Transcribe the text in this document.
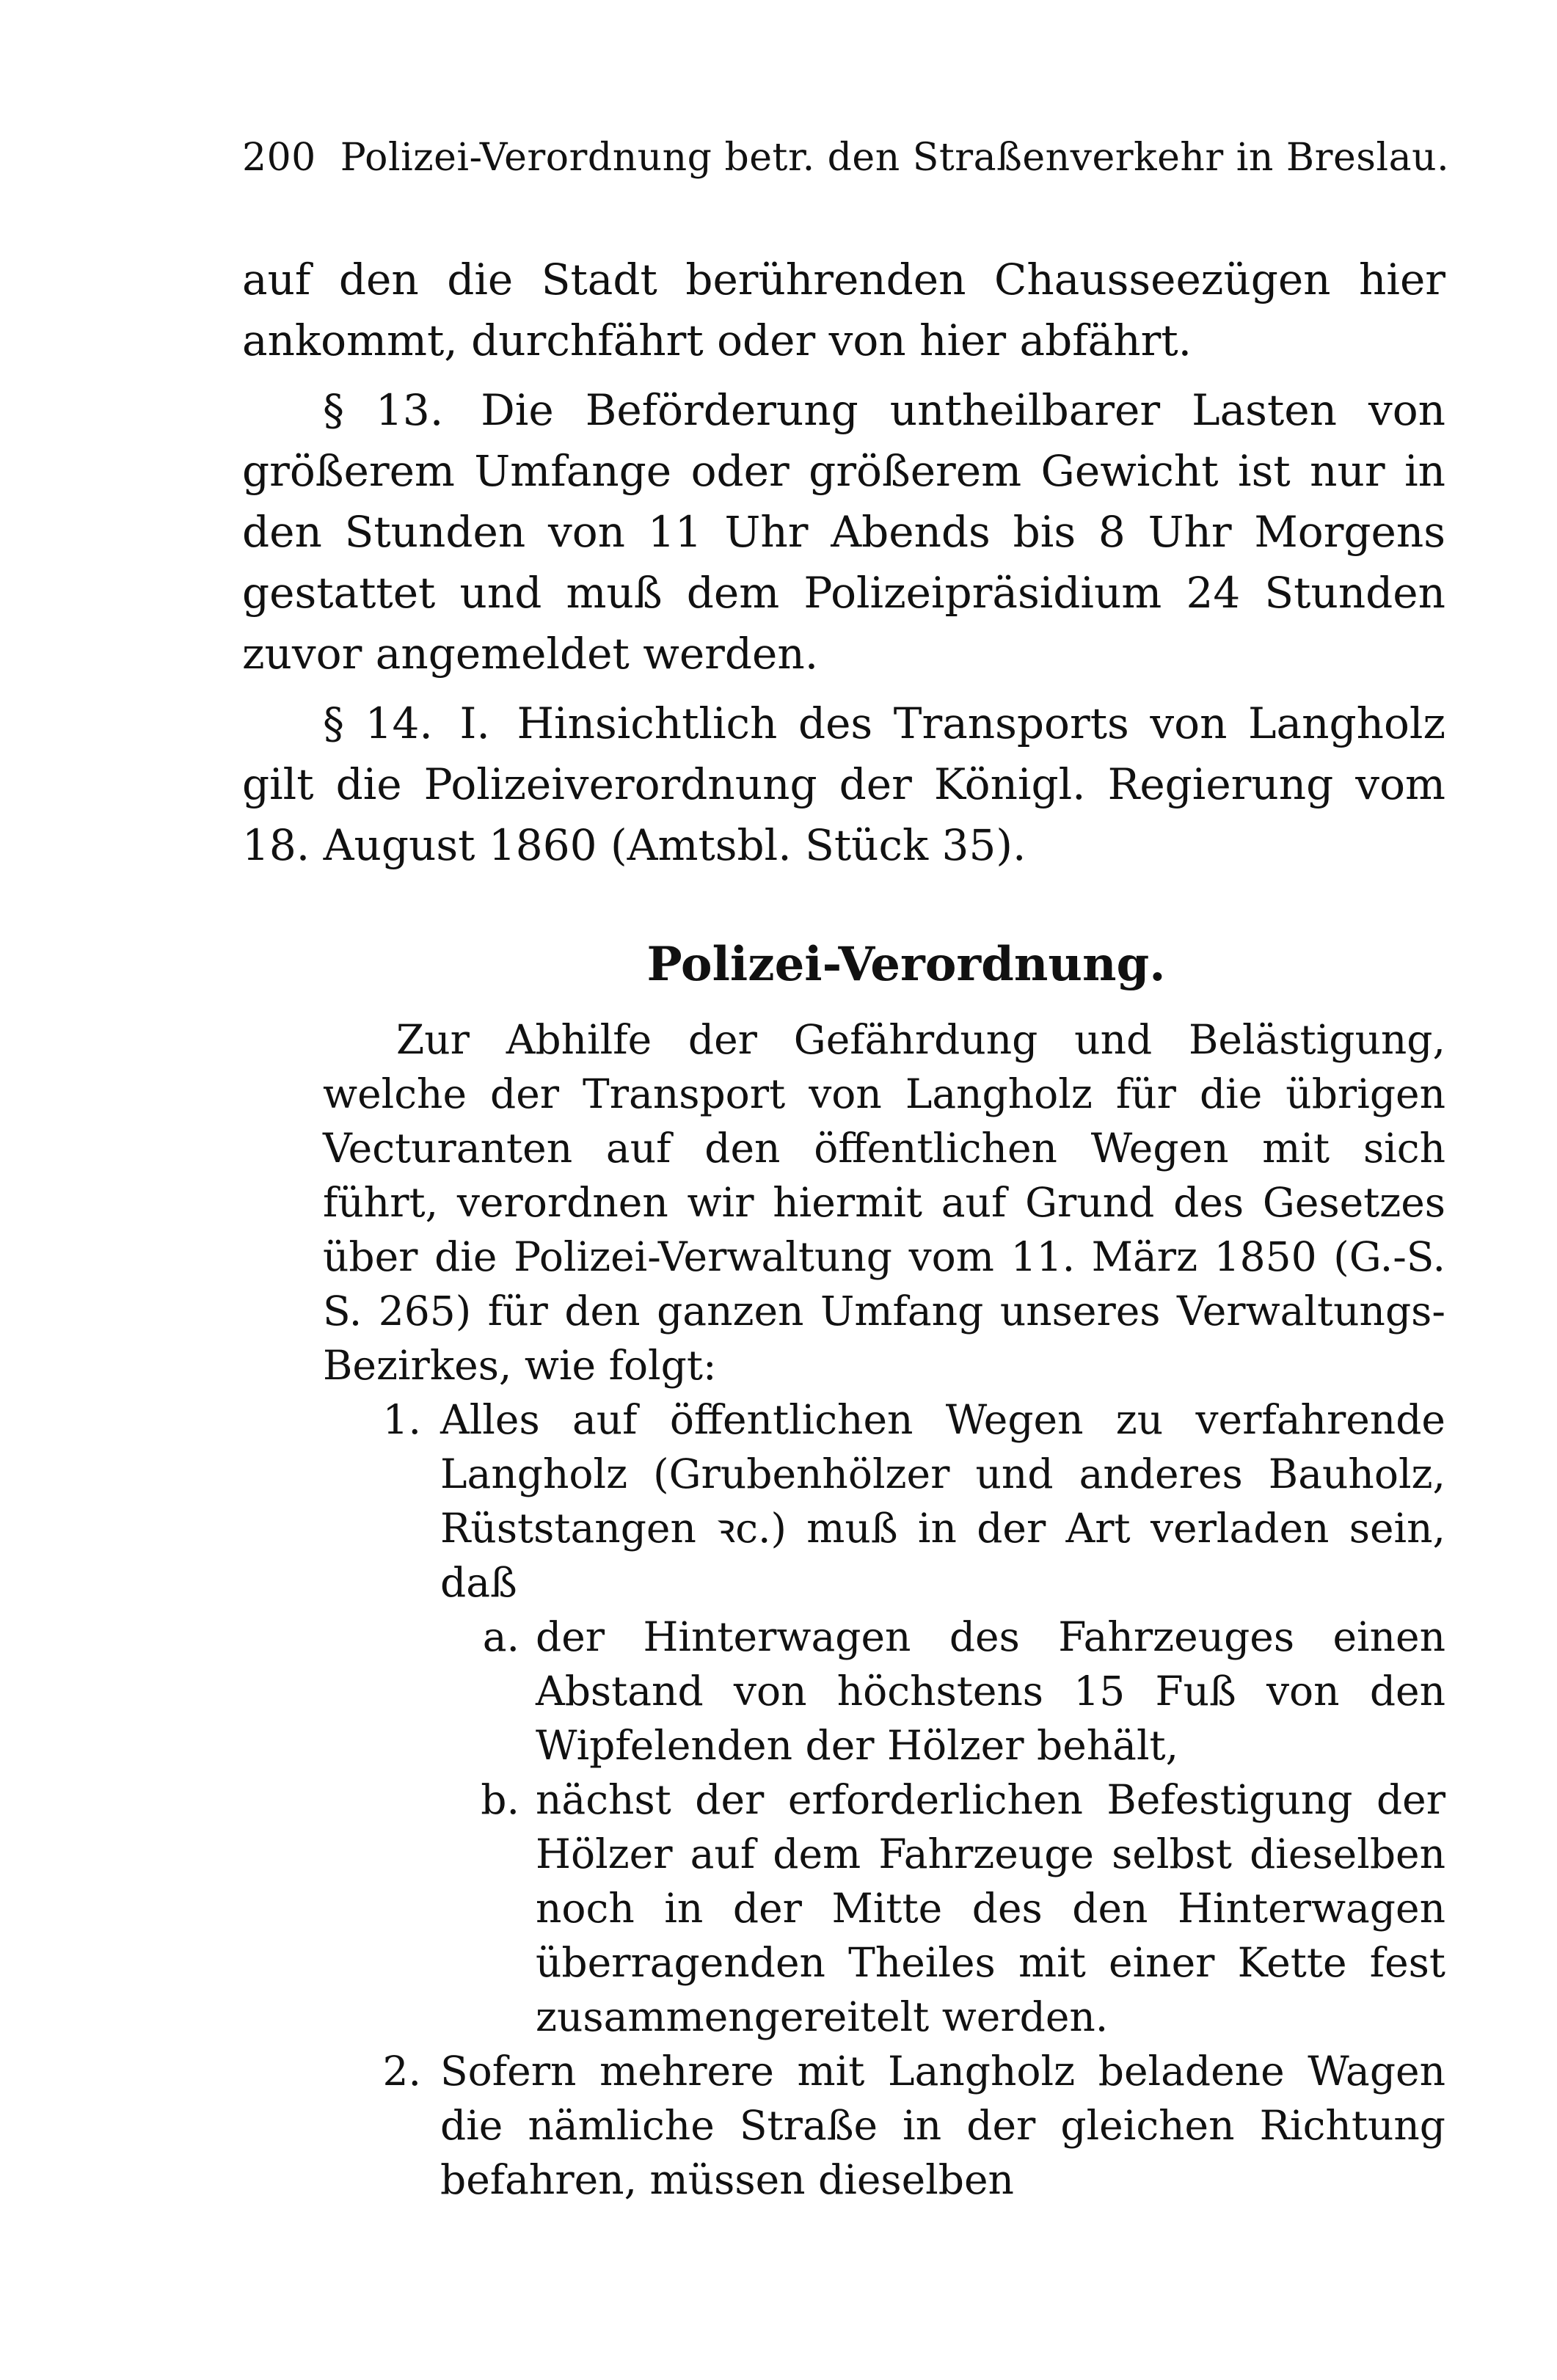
200 Polizei-Verordnung betr. den Straßenverkehr in Breslau.

auf den die Stadt berührenden Chausseezügen hier ankommt, durchfährt oder von hier abfährt.

§ 13. Die Beförderung untheilbarer Lasten von größerem Umfange oder größerem Gewicht ist nur in den Stunden von 11 Uhr Abends bis 8 Uhr Morgens gestattet und muß dem Polizeipräsidium 24 Stunden zuvor angemeldet werden.

§ 14. I. Hinsichtlich des Transports von Langholz gilt die Polizeiverordnung der Königl. Regierung vom 18. August 1860 (Amtsbl. Stück 35).

Polizei-Verordnung.

Zur Abhilfe der Gefährdung und Belästigung, welche der Transport von Langholz für die übrigen Vecturanten auf den öffentlichen Wegen mit sich führt, verordnen wir hiermit auf Grund des Gesetzes über die Polizei-Verwaltung vom 11. März 1850 (G.-S. S. 265) für den ganzen Umfang unseres Verwaltungs-Bezirkes, wie folgt:

1. Alles auf öffentlichen Wegen zu verfahrende Langholz (Grubenhölzer und anderes Bauholz, Rüststangen ꝛc.) muß in der Art verladen sein, daß
a. der Hinterwagen des Fahrzeuges einen Abstand von höchstens 15 Fuß von den Wipfelenden der Hölzer behält,
b. nächst der erforderlichen Befestigung der Hölzer auf dem Fahrzeuge selbst dieselben noch in der Mitte des den Hinterwagen überragenden Theiles mit einer Kette fest zusammengereitelt werden.
2. Sofern mehrere mit Langholz beladene Wagen die nämliche Straße in der gleichen Richtung befahren, müssen dieselben
